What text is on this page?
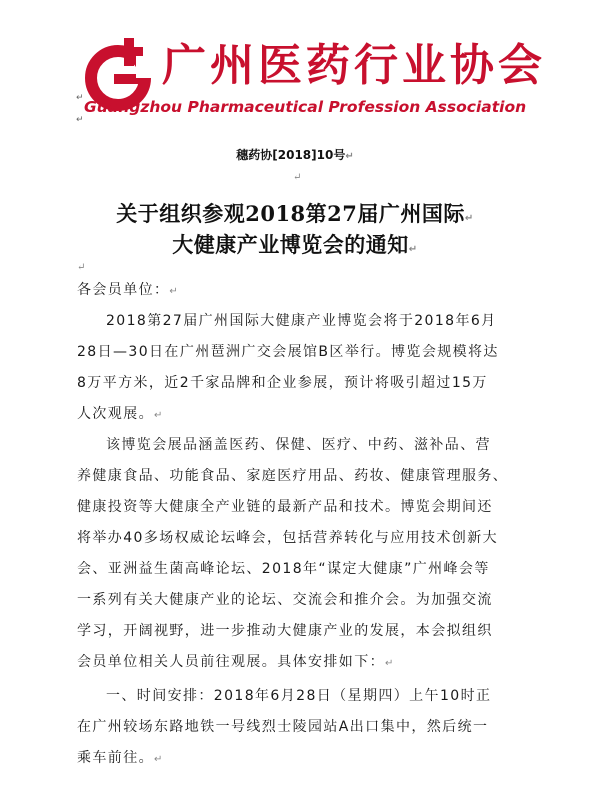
广州医药行业协会
Guangzhou Pharmaceutical Profession Association
↵
↵
穗药协[2018]10号↵
↵
关于组织参观2018第27届广州国际↵
大健康产业博览会的通知↵
↵
各会员单位：↵
2018第27届广州国际大健康产业博览会将于2018年6月
28日—30日在广州琶洲广交会展馆B区举行。博览会规模将达
8万平方米，近2千家品牌和企业参展，预计将吸引超过15万
人次观展。↵
该博览会展品涵盖医药、保健、医疗、中药、滋补品、营
养健康食品、功能食品、家庭医疗用品、药妆、健康管理服务、
健康投资等大健康全产业链的最新产品和技术。博览会期间还
将举办40多场权威论坛峰会，包括营养转化与应用技术创新大
会、亚洲益生菌高峰论坛、2018年“谋定大健康”广州峰会等
一系列有关大健康产业的论坛、交流会和推介会。为加强交流
学习，开阔视野，进一步推动大健康产业的发展，本会拟组织
会员单位相关人员前往观展。具体安排如下：↵
一、时间安排：2018年6月28日（星期四）上午10时正
在广州较场东路地铁一号线烈士陵园站A出口集中，然后统一
乘车前往。↵
